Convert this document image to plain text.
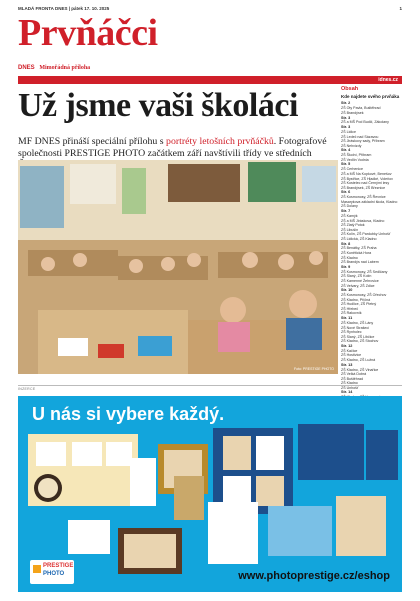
MLADÁ FRONTA DNES | pátek 17. 10. 2025	1
Prvňáčci
DNES Mimořádná příloha
idnes.cz
Už jsme vaši školáci

MF DNES přináší speciální přílohu s portréty letošních prvňáčků. Fotografové společnosti PRESTIGE PHOTO začátkem září navštívili třídy ve středních

Foto: PRESTIGE PHOTO
Obsah
Kde najdete svého prvňáka
Str. 2
ZŠ Oty Pavla, Buštěhrad
ZŠ Brandýsek
Str. 3
ZŠ a MŠ Pod Budči, Zákolany
Str. 3
ZŠ Lidice
ZŠ Ledeč nad Sázavou
ZŠ Jiráskovy sady, Příbram
ZŠ Nehvizdy
Str. 4
ZŠ Školní, Příbram
ZŠ Vedlín Vodnia
Str. 5
ZŠ Cerhenice
ZŠ a MŠ Na Kopkové, Benešov
ZŠ Bystřice, ZŠ Hladké, Voleňov
ZŠ Kostelec nad Černými lesy
ZŠ Brandýsek, ZŠ Březnice
Str. 6
ZŠ Kosmonosy, ZŠ Řevnice
Masarykova základní škola, Kladno
ZŠ Dolany
Str. 7
ZŠ Kamýk
ZŠ a MŠ Jiráskova, Kladno
ZŠ Zlatý Potok
ZŠ Libušín
ZŠ Kolín, ZŠ Pardubky Unhošť
ZŠ Lidická, ZŠ Kladno
Str. 8
ZŠ Benátky, ZŠ Praha
ZŠ Kunětická Hora
ZŠ Kladno
ZŠ Brandýs nad Labem
Str. 9
ZŠ Kosmonosy, ZŠ Sedlčany
ZŠ Slaný, ZŠ Kolín
ZŠ Kamenné Žehrovice
ZŠ Velvary, ZŠ Zdice
Str. 10
ZŠ Kosmonosy, ZŠ Ořechov
ZŠ Kladno, Příčná
ZŠ Hudlice, ZŠ Pletný
ZŠ Hřebeč
ZŠ Rakovník
Str. 11
ZŠ Kladno, ZŠ Lány
ZŠ Nové Strašecí
ZŠ Rynholec
ZŠ Slaný, ZŠ Libčice
ZŠ Kladno, ZŠ Stochov
Str. 12
ZŠ Kačice
ZŠ Hostivice
ZŠ Kladno, ZŠ Lužná
Str. 13
ZŠ Kladno, ZŠ Vinařice
ZŠ Velká Dobrá
ZŠ Buštěhrad
ZŠ Kladno
ZŠ Unhošť
Str. 14
INZERCE
U nás si vybere každý.
PRESTIGE
PHOTO	www.photoprestige.cz/eshop
